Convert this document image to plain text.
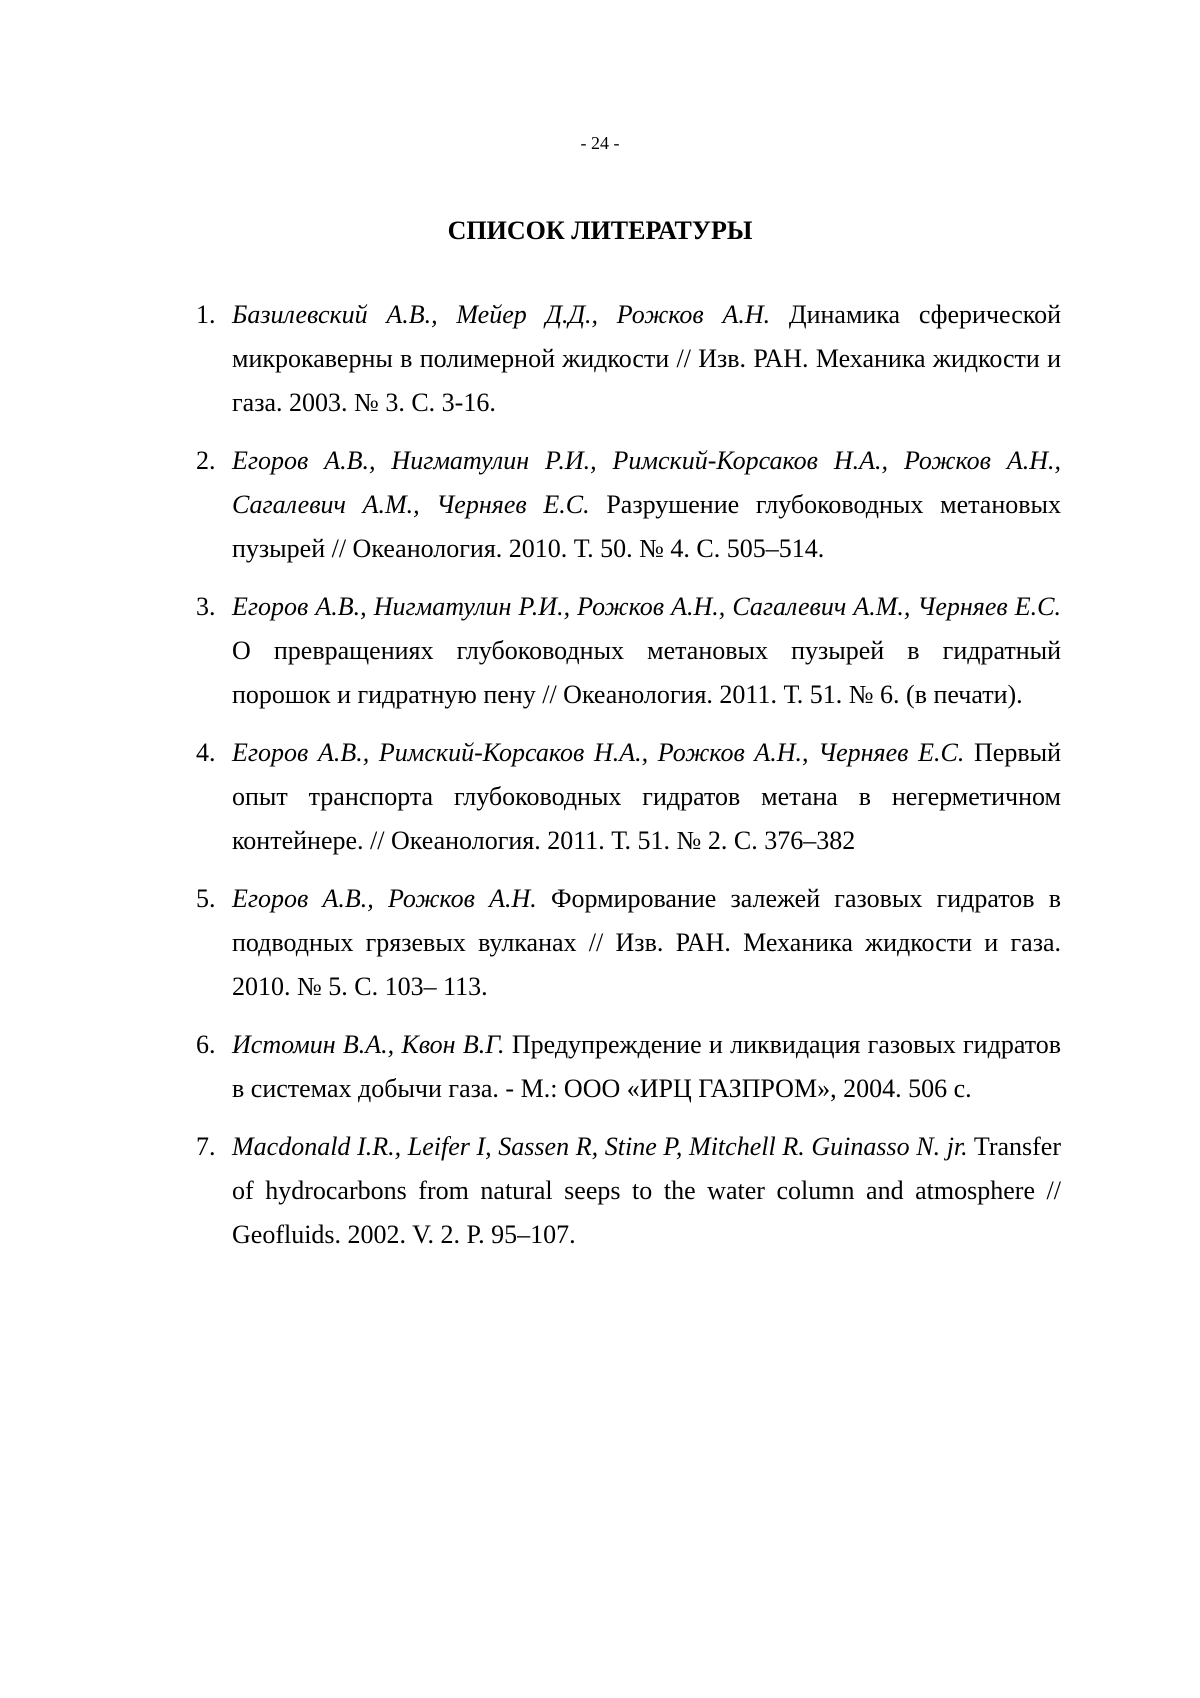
- 24 -
СПИСОК ЛИТЕРАТУРЫ
1. Базилевский А.В., Мейер Д.Д., Рожков А.Н. Динамика сферической микрокаверны в полимерной жидкости // Изв. РАН. Механика жидкости и газа. 2003. № 3. С. 3-16.
2. Егоров А.В., Нигматулин Р.И., Римский-Корсаков Н.А., Рожков А.Н., Сагалевич А.М., Черняев Е.С. Разрушение глубоководных метановых пузырей // Океанология. 2010. Т. 50. № 4. С. 505–514.
3. Егоров А.В., Нигматулин Р.И., Рожков А.Н., Сагалевич А.М., Черняев Е.С. О превращениях глубоководных метановых пузырей в гидратный порошок и гидратную пену // Океанология. 2011. Т. 51. № 6. (в печати).
4. Егоров А.В., Римский-Корсаков Н.А., Рожков А.Н., Черняев Е.С. Первый опыт транспорта глубоководных гидратов метана в негерметичном контейнере. // Океанология. 2011. Т. 51. № 2. С. 376–382
5. Егоров А.В., Рожков А.Н. Формирование залежей газовых гидратов в подводных грязевых вулканах // Изв. РАН. Механика жидкости и газа. 2010. № 5. С. 103– 113.
6. Истомин В.А., Квон В.Г. Предупреждение и ликвидация газовых гидратов в системах добычи газа. - М.: ООО «ИРЦ ГАЗПРОМ», 2004. 506 с.
7. Macdonald I.R., Leifer I, Sassen R, Stine P, Mitchell R. Guinasso N. jr. Transfer of hydrocarbons from natural seeps to the water column and atmosphere // Geofluids. 2002. V. 2. P. 95–107.
